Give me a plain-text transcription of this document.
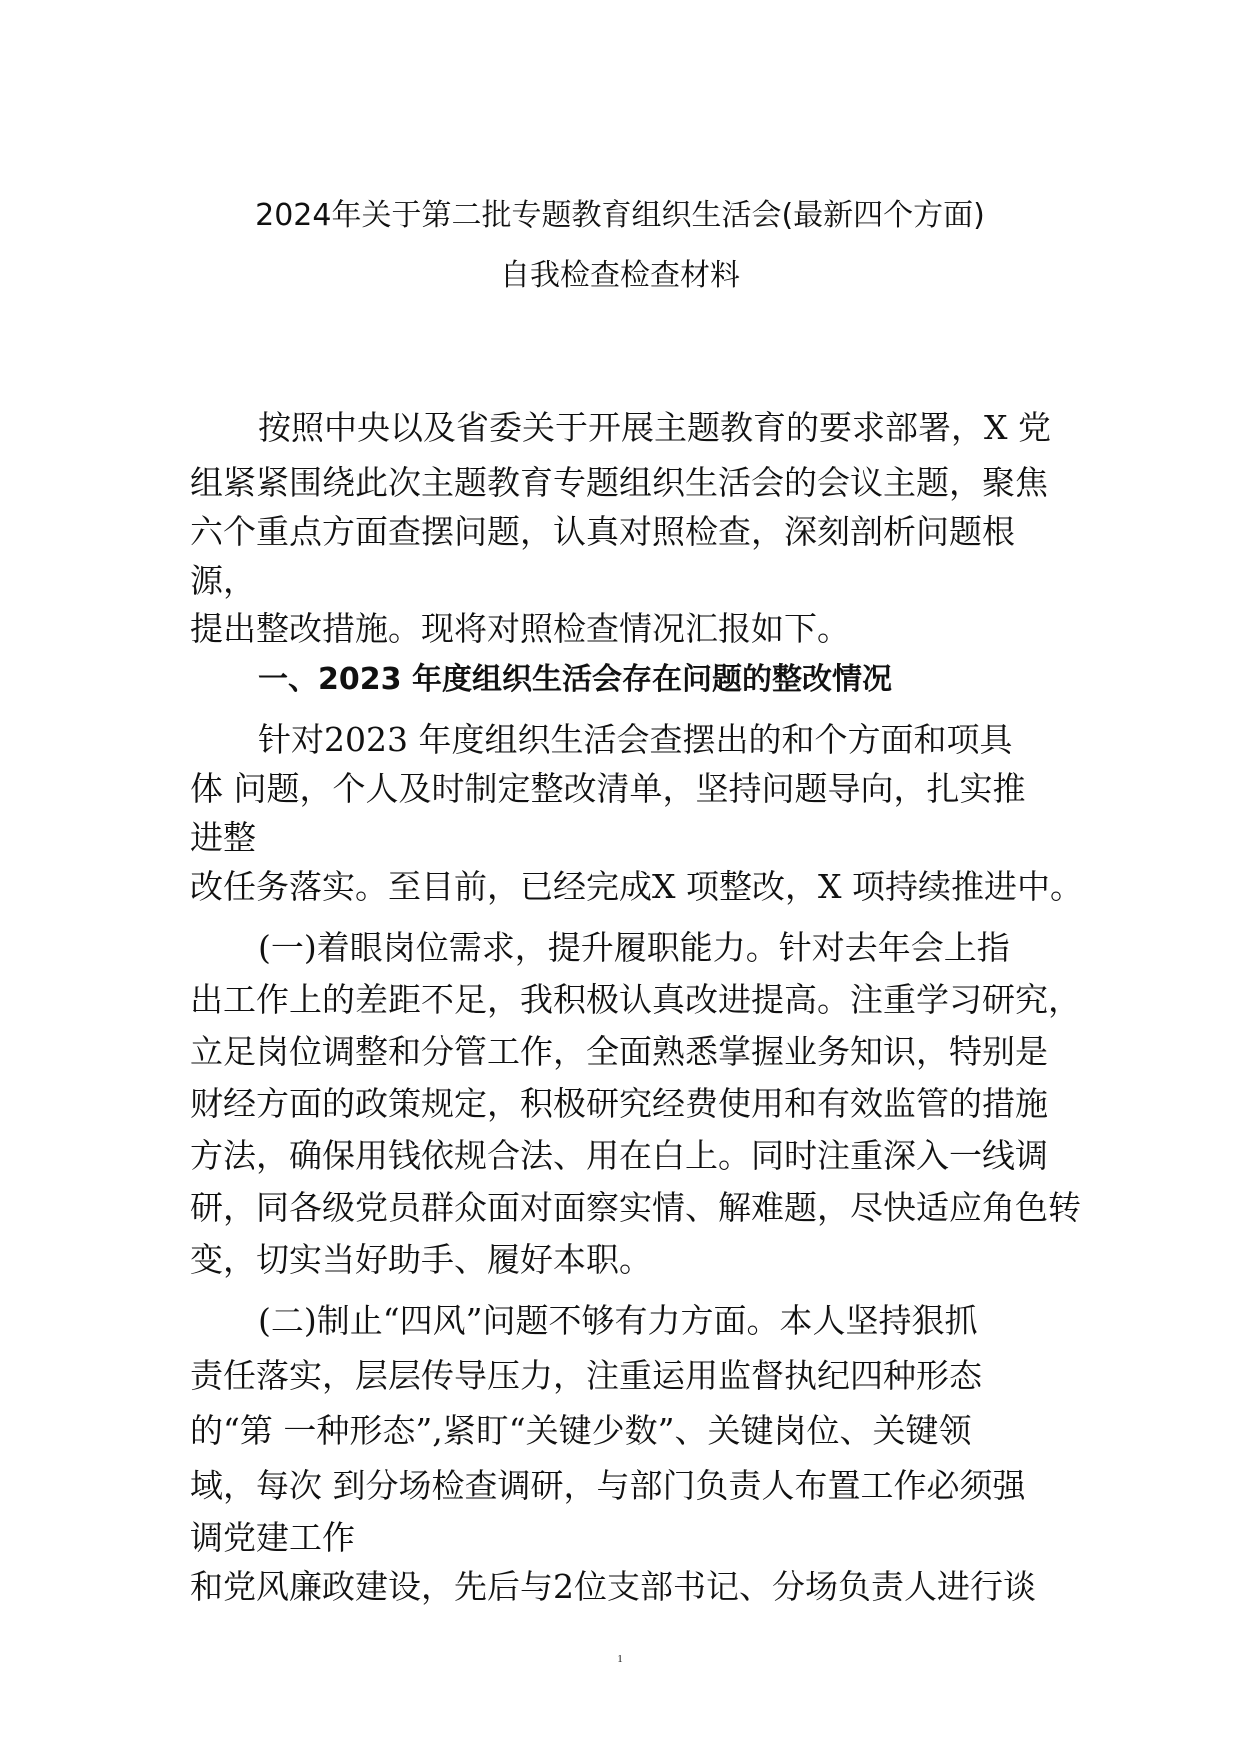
2024年关于第二批专题教育组织生活会(最新四个方面)
自我检查检查材料
按照中央以及省委关于开展主题教育的要求部署，X 党
组紧紧围绕此次主题教育专题组织生活会的会议主题，聚焦
六个重点方面查摆问题，认真对照检查，深刻剖析问题根
源，
提出整改措施。现将对照检查情况汇报如下。
一、2023 年度组织生活会存在问题的整改情况
针对2023 年度组织生活会查摆出的和个方面和项具
体 问题，个人及时制定整改清单，坚持问题导向，扎实推
进整
改任务落实。至目前，已经完成X 项整改，X 项持续推进中。
(一)着眼岗位需求，提升履职能力。针对去年会上指
出工作上的差距不足，我积极认真改进提高。注重学习研究，
立足岗位调整和分管工作，全面熟悉掌握业务知识，特别是
财经方面的政策规定，积极研究经费使用和有效监管的措施
方法，确保用钱依规合法、用在白上。同时注重深入一线调
研，同各级党员群众面对面察实情、解难题，尽快适应角色转
变，切实当好助手、履好本职。
(二)制止“四风”问题不够有力方面。本人坚持狠抓
责任落实，层层传导压力，注重运用监督执纪四种形态
的“第 一种形态”,紧盯“关键少数”、关键岗位、关键领
域，每次 到分场检查调研，与部门负责人布置工作必须强
调党建工作
和党风廉政建设，先后与2位支部书记、分场负责人进行谈
1
